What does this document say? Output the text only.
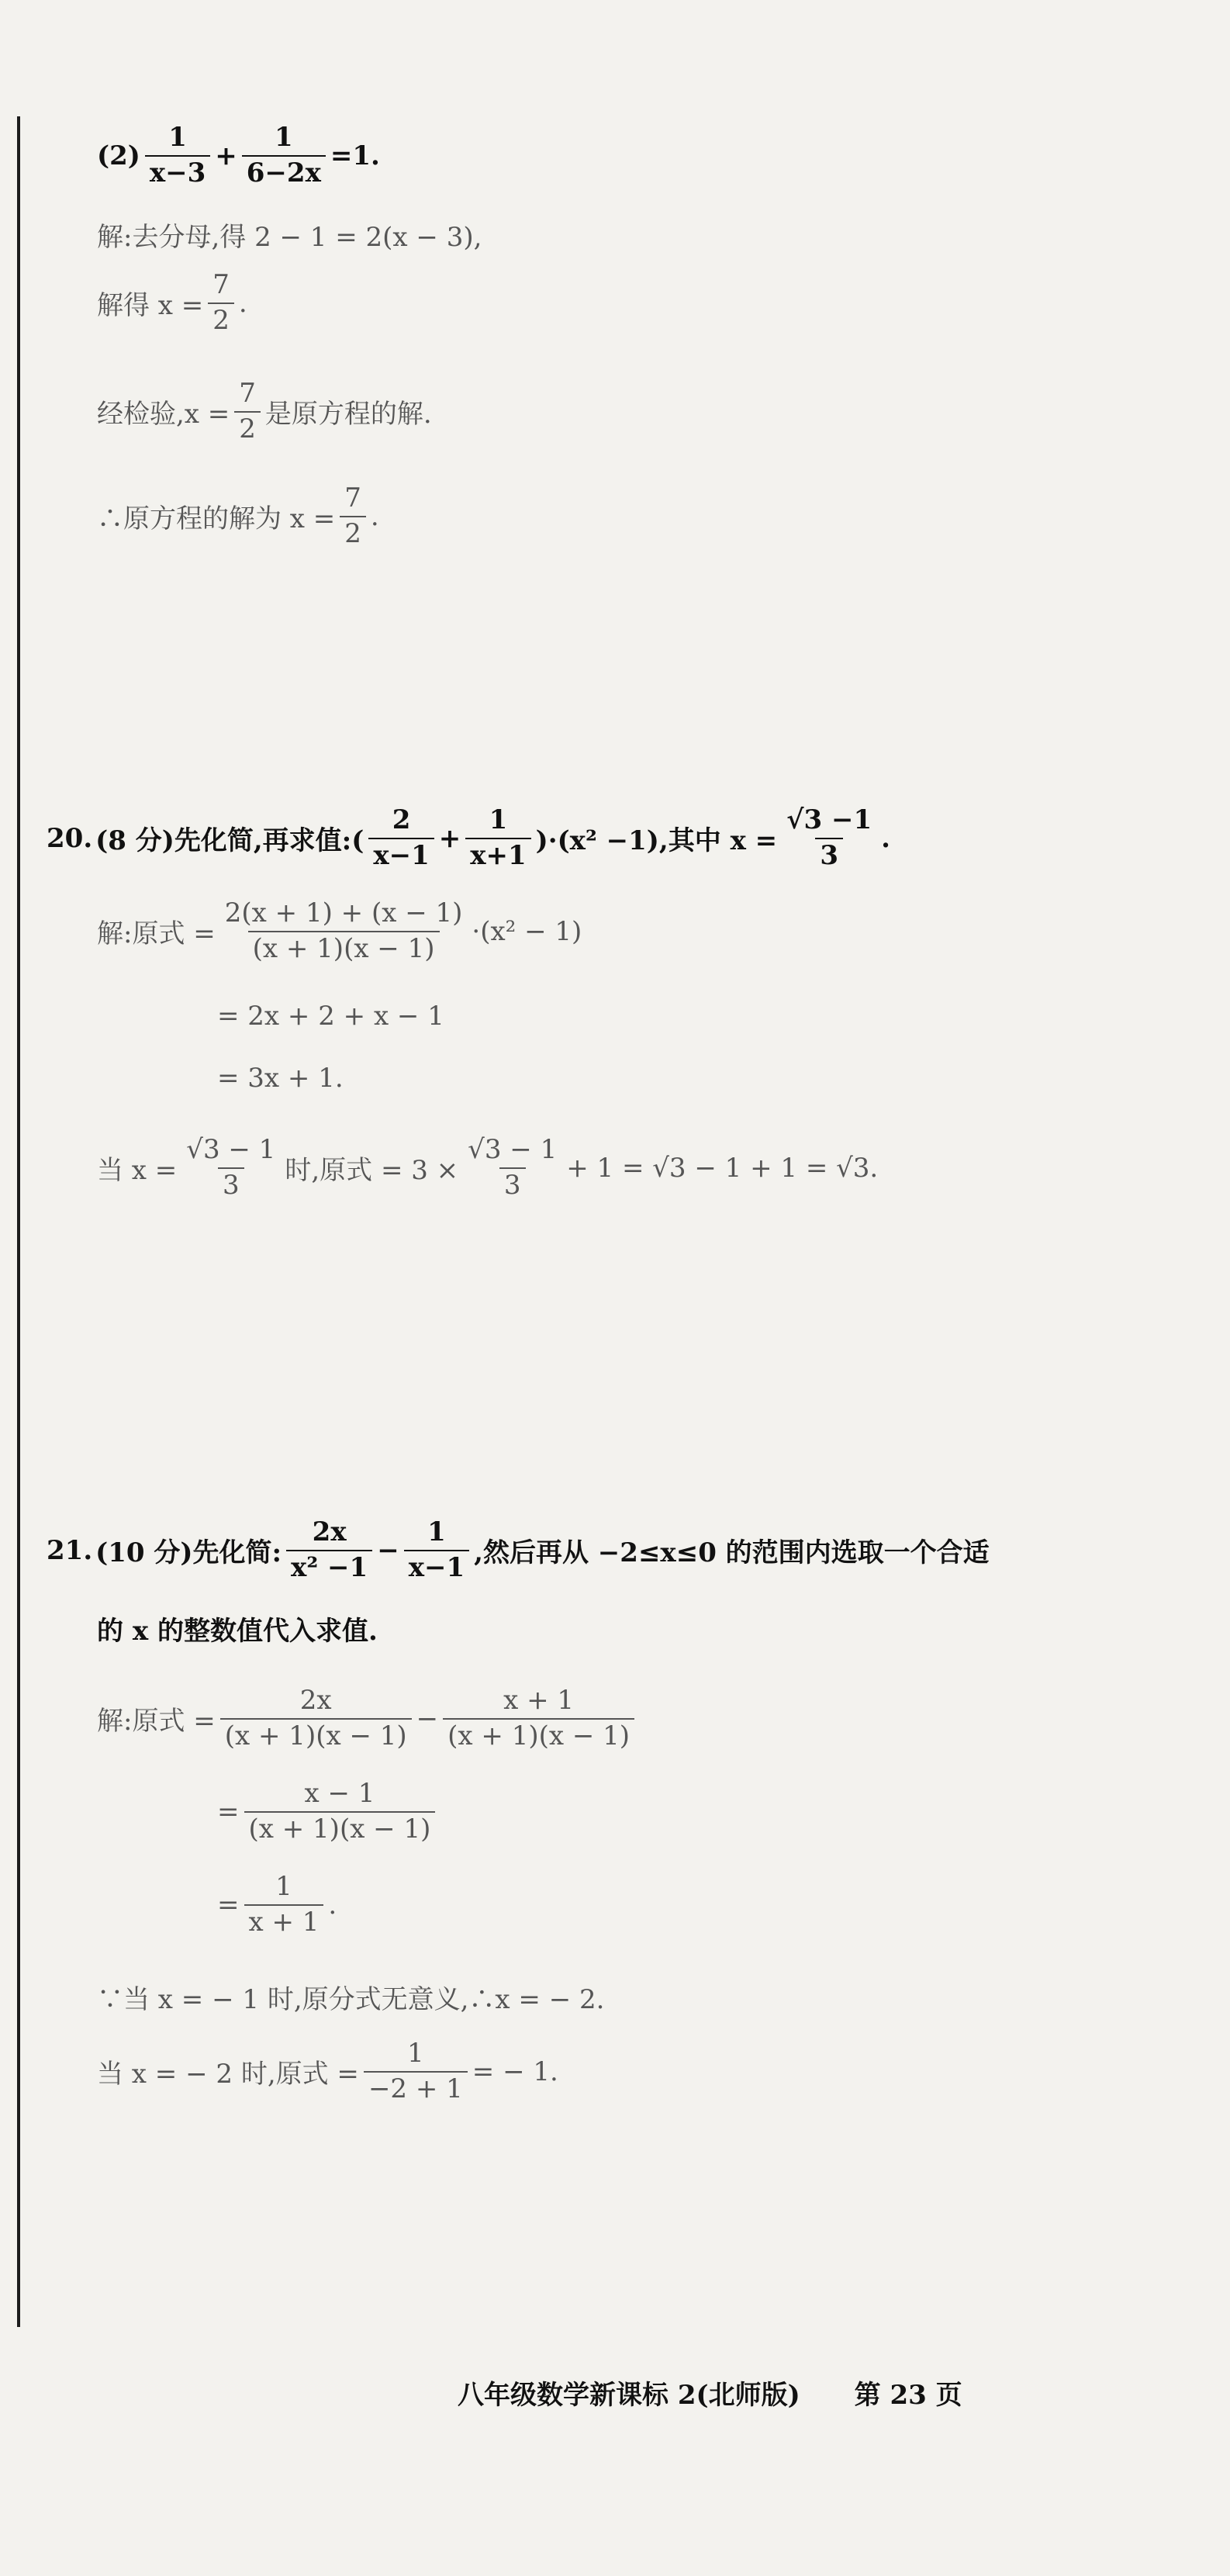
$(2) \frac{1}{x-3} + \frac{1}{6-2x} =1$.
解:去分母,得 2 − 1 = 2(x − 3),
解得 $x = \frac{7}{2}$ .
经检验$,x = \frac{7}{2}$ 是原方程的解.
∴原方程的解为 $x = \frac{7}{2}$ .
20. (8 分)先化简,再求值:( $\frac{2}{x-1} + \frac{1}{x+1} )\cdot(x^2 -1)$,其中 $x = \frac{√3 -1}{3}$ .
解:原式 = $\frac{2(x + 1) + (x - 1)}{(x + 1)(x - 1)} \cdot(x^2 - 1)$
= 2x + 2 + x − 1
= 3x + 1.
当 $x = \frac{√3 - 1}{3}$ 时,原式 = $3 \times \frac{√3 - 1}{3} + 1 = √3 - 1 + 1 = √3$.
21. (10 分)先化简: $\frac{2x}{\text{x² −1}} - \frac{1}{x-1}$ ,然后再从 −2≤x≤0 的范围内选取一个合适
的 x 的整数值代入求值.
解:原式 = $\frac{2x}{(x + 1)(x - 1)} - \frac{x + 1}{(x + 1)(x - 1)}$
= $\frac{x - 1}{(x + 1)(x - 1)}$
= $\frac{1}{x + 1}$ .
∵当 x = − 1 时,原分式无意义,∴x = − 2.
当 x = − 2 时,原式 = $\frac{1}{-2 + 1}$ = − 1.
八年级数学新课标 2(北师版) 第 23 页
